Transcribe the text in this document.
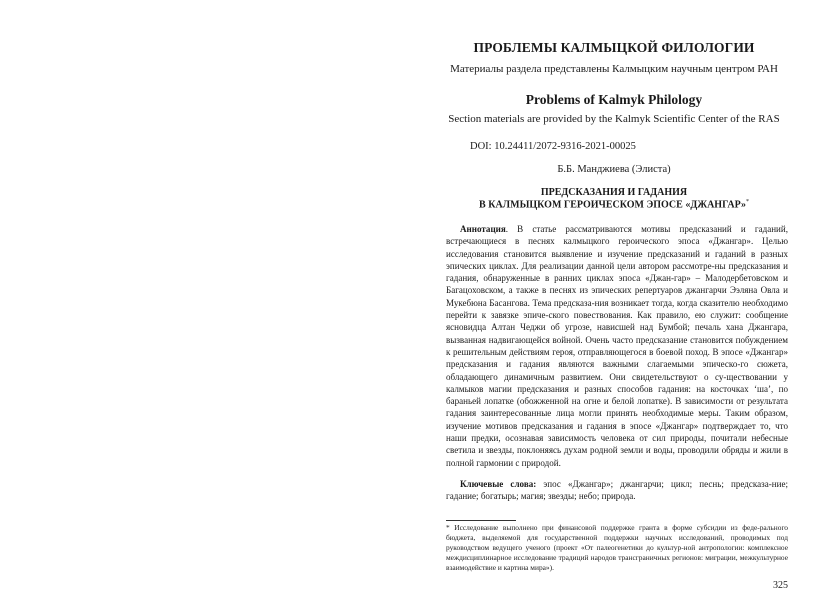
ПРОБЛЕМЫ КАЛМЫЦКОЙ ФИЛОЛОГИИ
Материалы раздела представлены Калмыцким научным центром РАН
Problems of Kalmyk Philology
Section materials are provided by the Kalmyk Scientific Center of the RAS
DOI: 10.24411/2072-9316-2021-00025
Б.Б. Манджиева (Элиста)
ПРЕДСКАЗАНИЯ И ГАДАНИЯ
В КАЛМЫЦКОМ ГЕРОИЧЕСКОМ ЭПОСЕ «ДЖАНГАР»*

Аннотация. В статье рассматриваются мотивы предсказаний и гаданий, встречающиеся в песнях калмыцкого героического эпоса «Джангар». Целью исследования становится выявление и изучение предсказаний и гаданий в разных эпических циклах. Для реализации данной цели автором рассмотре-ны предсказания и гадания, обнаруженные в ранних циклах эпоса «Джан-гар» – Малодербетовском и Багацоховском, а также в песнях из эпических репертуаров джангарчи Ээляна Овла и Мукебюна Басангова. Тема предсказа-ния возникает тогда, когда сказителю необходимо перейти к завязке эпиче-ского повествования. Как правило, ею служит: сообщение ясновидца Алтан Чеджи об угрозе, нависшей над Бумбой; печаль хана Джангара, вызванная надвигающейся войной. Очень часто предсказание становится побуждением к решительным действиям героя, отправляющегося в боевой поход. В эпосе «Джангар» предсказания и гадания являются важными слагаемыми эпическо-го сюжета, обладающего динамичным развитием. Они свидетельствуют о су-ществовании у калмыков магии предсказания и разных способов гадания: на косточках ‘ша’, по бараньей лопатке (обожженной на огне и белой лопатке). В зависимости от результата гадания заинтересованные лица могли принять необходимые меры. Таким образом, изучение мотивов предсказания и гадания в эпосе «Джангар» подтверждает то, что наши предки, осознавая зависимость человека от сил природы, почитали небесные светила и звезды, поклоняясь духам родной земли и воды, проводили обряды и жили в полной гармонии с природой.

Ключевые слова: эпос «Джангар»; джангарчи; цикл; песнь; предсказа-ние; гадание; богатырь; магия; звезды; небо; природа.

* Исследование выполнено при финансовой поддержке гранта в форме субсидии из феде-рального бюджета, выделяемой для государственной поддержки научных исследований, проводимых под руководством ведущего ученого (проект «От палеогенетики до культур-ной антропологии: комплексное междисциплинарное исследование традиций народов трансграничных регионов: миграции, межкультурное взаимодействие и картина мира»).

325
